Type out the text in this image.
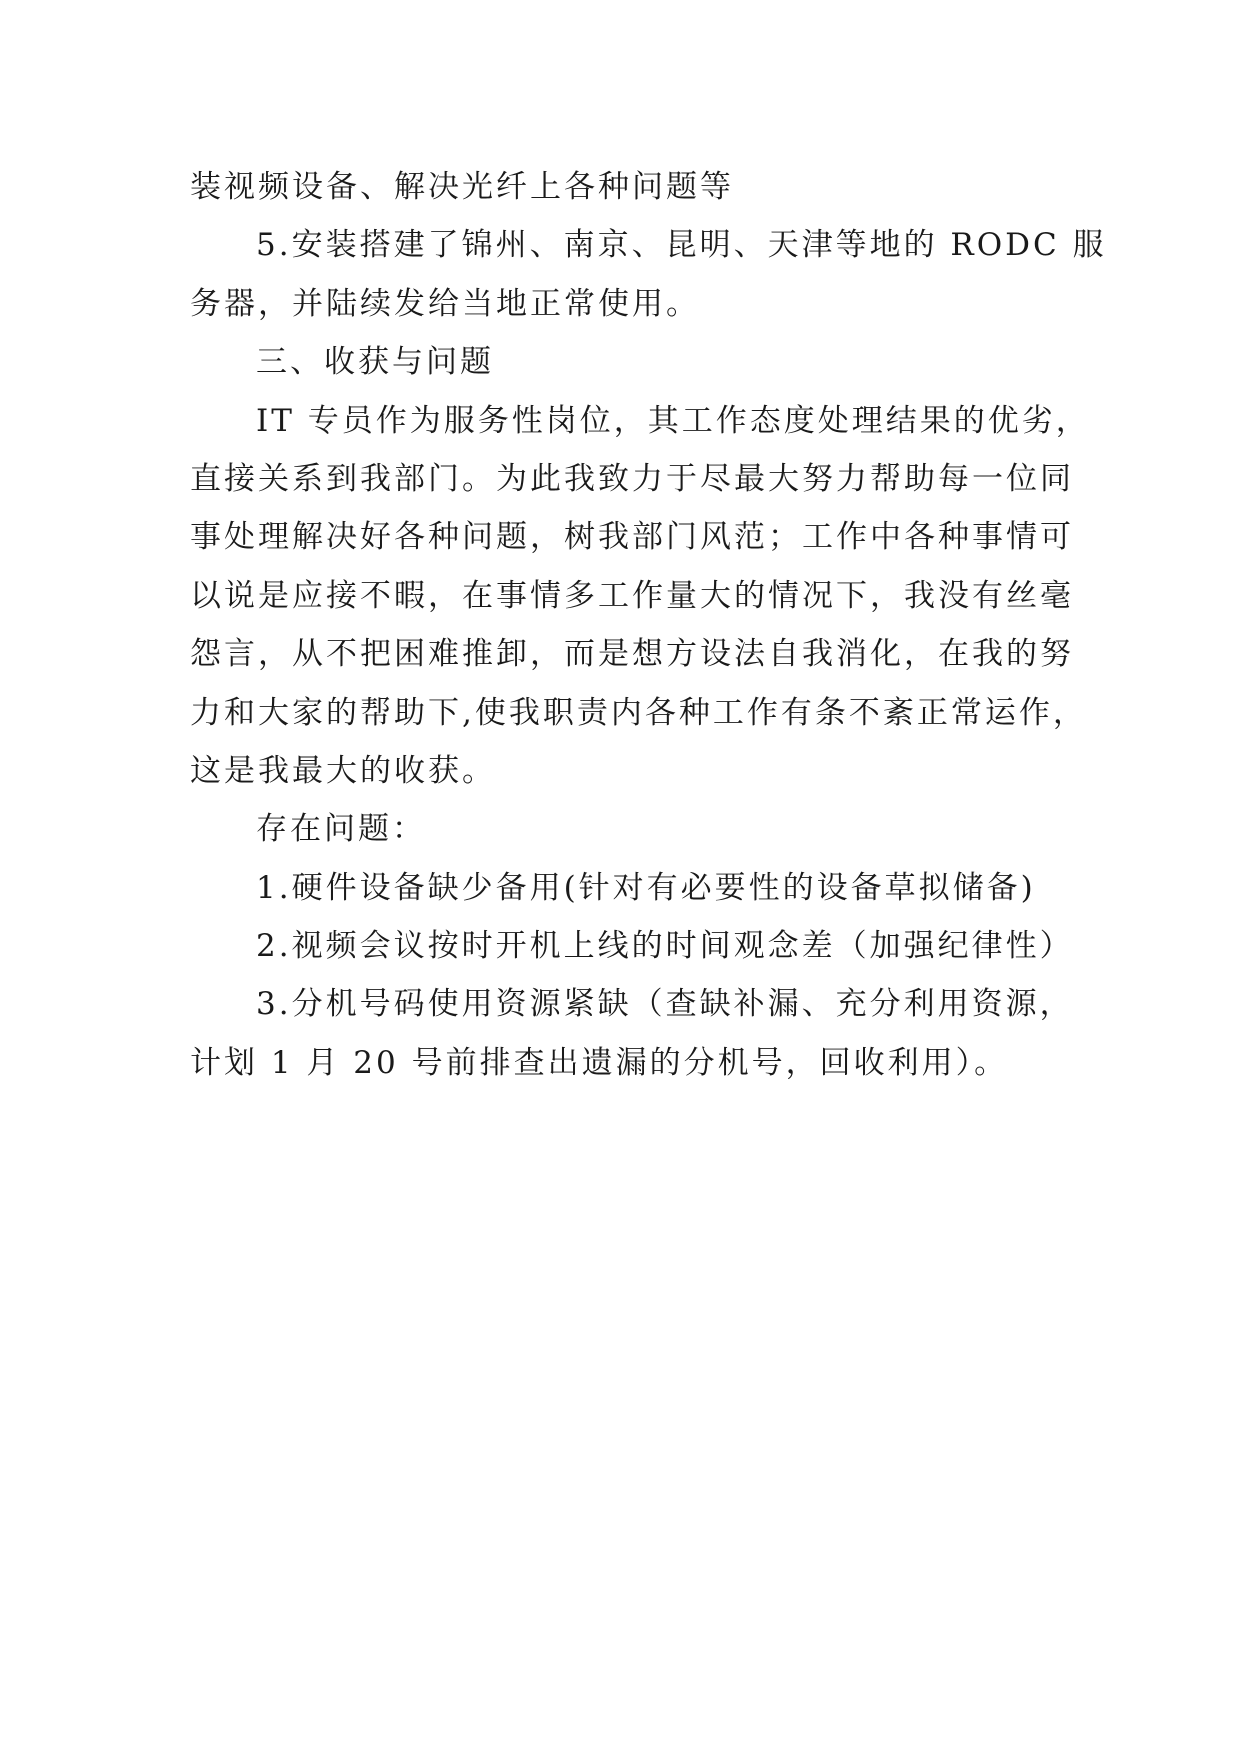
装视频设备、解决光纤上各种问题等
5.安装搭建了锦州、南京、昆明、天津等地的 RODC 服
务器，并陆续发给当地正常使用。
三、收获与问题
IT 专员作为服务性岗位，其工作态度处理结果的优劣，
直接关系到我部门。为此我致力于尽最大努力帮助每一位同
事处理解决好各种问题，树我部门风范；工作中各种事情可
以说是应接不暇，在事情多工作量大的情况下，我没有丝毫
怨言，从不把困难推卸，而是想方设法自我消化，在我的努
力和大家的帮助下,使我职责内各种工作有条不紊正常运作，
这是我最大的收获。
存在问题：
1.硬件设备缺少备用(针对有必要性的设备草拟储备)
2.视频会议按时开机上线的时间观念差（加强纪律性）
3.分机号码使用资源紧缺（查缺补漏、充分利用资源，
计划 1 月 20 号前排查出遗漏的分机号，回收利用）。
